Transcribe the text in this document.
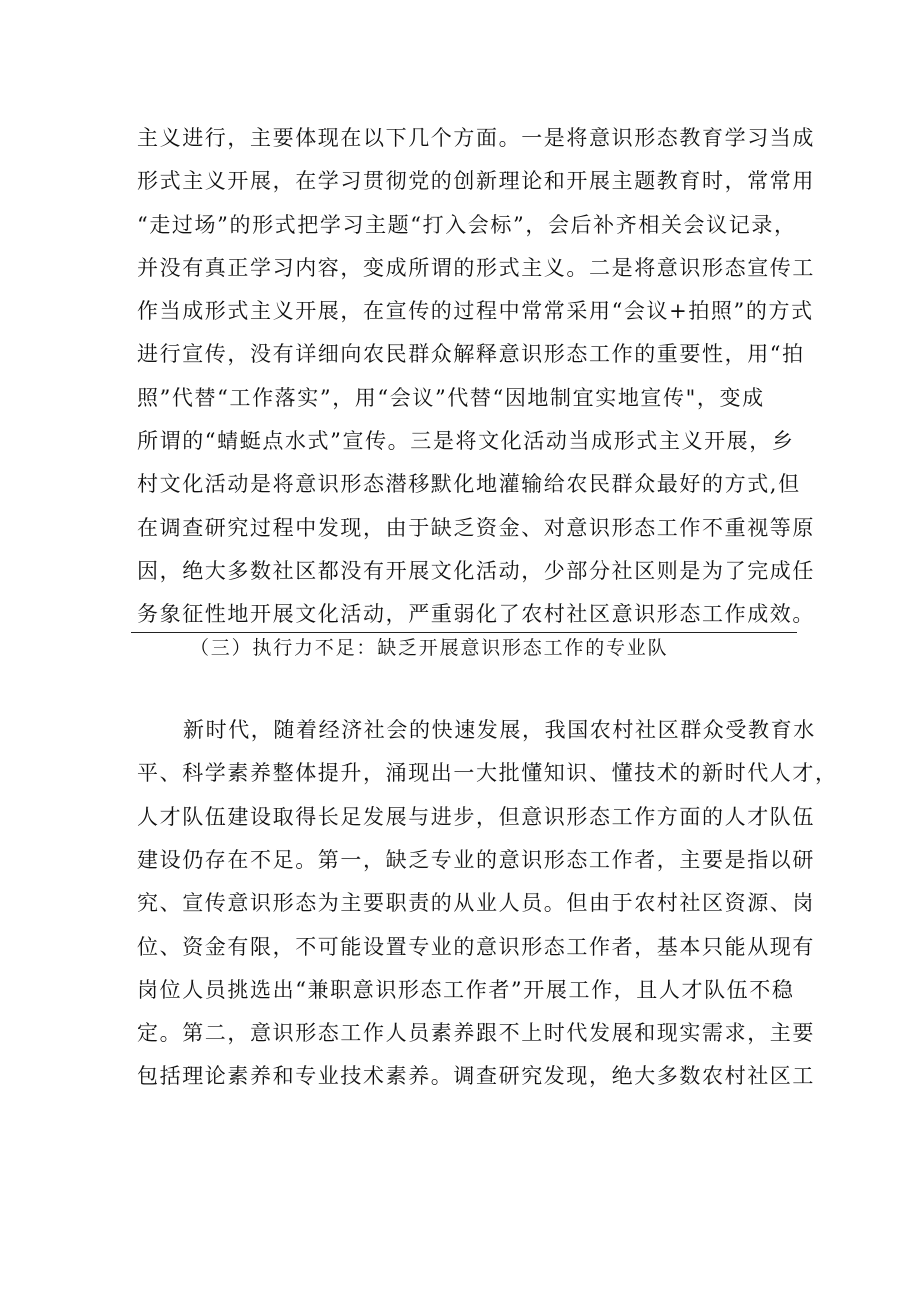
主义进行，主要体现在以下几个方面。一是将意识形态教育学习当成
形式主义开展，在学习贯彻党的创新理论和开展主题教育时，常常用
“走过场”的形式把学习主题“打入会标”，会后补齐相关会议记录，
并没有真正学习内容，变成所谓的形式主义。二是将意识形态宣传工
作当成形式主义开展，在宣传的过程中常常采用“会议+拍照”的方式
进行宣传，没有详细向农民群众解释意识形态工作的重要性，用“拍
照”代替“工作落实”，用“会议”代替“因地制宜实地宣传"，变成
所谓的“蜻蜓点水式”宣传。三是将文化活动当成形式主义开展，乡
村文化活动是将意识形态潜移默化地灌输给农民群众最好的方式,但
在调查研究过程中发现，由于缺乏资金、对意识形态工作不重视等原
因，绝大多数社区都没有开展文化活动，少部分社区则是为了完成任
务象征性地开展文化活动，严重弱化了农村社区意识形态工作成效。
（三）执行力不足：缺乏开展意识形态工作的专业队
新时代，随着经济社会的快速发展，我国农村社区群众受教育水
平、科学素养整体提升，涌现出一大批懂知识、懂技术的新时代人才，
人才队伍建设取得长足发展与进步，但意识形态工作方面的人才队伍
建设仍存在不足。第一，缺乏专业的意识形态工作者，主要是指以研
究、宣传意识形态为主要职责的从业人员。但由于农村社区资源、岗
位、资金有限，不可能设置专业的意识形态工作者，基本只能从现有
岗位人员挑选出“兼职意识形态工作者”开展工作，且人才队伍不稳
定。第二，意识形态工作人员素养跟不上时代发展和现实需求，主要
包括理论素养和专业技术素养。调查研究发现，绝大多数农村社区工
